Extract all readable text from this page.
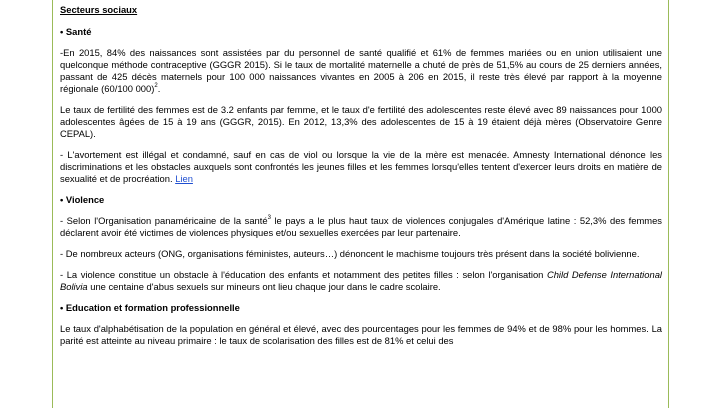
Secteurs sociaux
• Santé

-En 2015, 84% des naissances sont assistées par du personnel de santé qualifié et 61% de femmes mariées ou en union utilisaient une quelconque méthode contraceptive (GGGR 2015). Si le taux de mortalité maternelle a chuté de près de 51,5% au cours de 25 derniers années, passant de 425 décès maternels pour 100 000 naissances vivantes en 2005 à 206 en 2015, il reste très élevé par rapport à la moyenne régionale (60/100 000)$^2$.

Le taux de fertilité des femmes est de 3.2 enfants par femme, et le taux d'e fertilité des adolescentes reste élevé avec 89 naissances pour 1000 adolescentes âgées de 15 à 19 ans (GGGR, 2015). En 2012, 13,3% des adolescentes de 15 à 19 étaient déjà mères (Observatoire Genre CEPAL).

- L'avortement est illégal et condamné, sauf en cas de viol ou lorsque la vie de la mère est menacée. Amnesty International dénonce les discriminations et les obstacles auxquels sont confrontés les jeunes filles et les femmes lorsqu'elles tentent d'exercer leurs droits en matière de sexualité et de procréation. Lien

• Violence

- Selon l'Organisation panaméricaine de la santé$^3$ le pays a le plus haut taux de violences conjugales d'Amérique latine : 52,3% des femmes déclarent avoir été victimes de violences physiques et/ou sexuelles exercées par leur partenaire.

- De nombreux acteurs (ONG, organisations féministes, auteurs…) dénoncent le machisme toujours très présent dans la société bolivienne.

- La violence constitue un obstacle à l'éducation des enfants et notamment des petites filles : selon l'organisation Child Defense International Bolivia une centaine d'abus sexuels sur mineurs ont lieu chaque jour dans le cadre scolaire.

• Education et formation professionnelle

Le taux d'alphabétisation de la population en général et élevé, avec des pourcentages pour les femmes de 94% et de 98% pour les hommes. La parité est atteinte au niveau primaire : le taux de scolarisation des filles est de 81% et celui des
